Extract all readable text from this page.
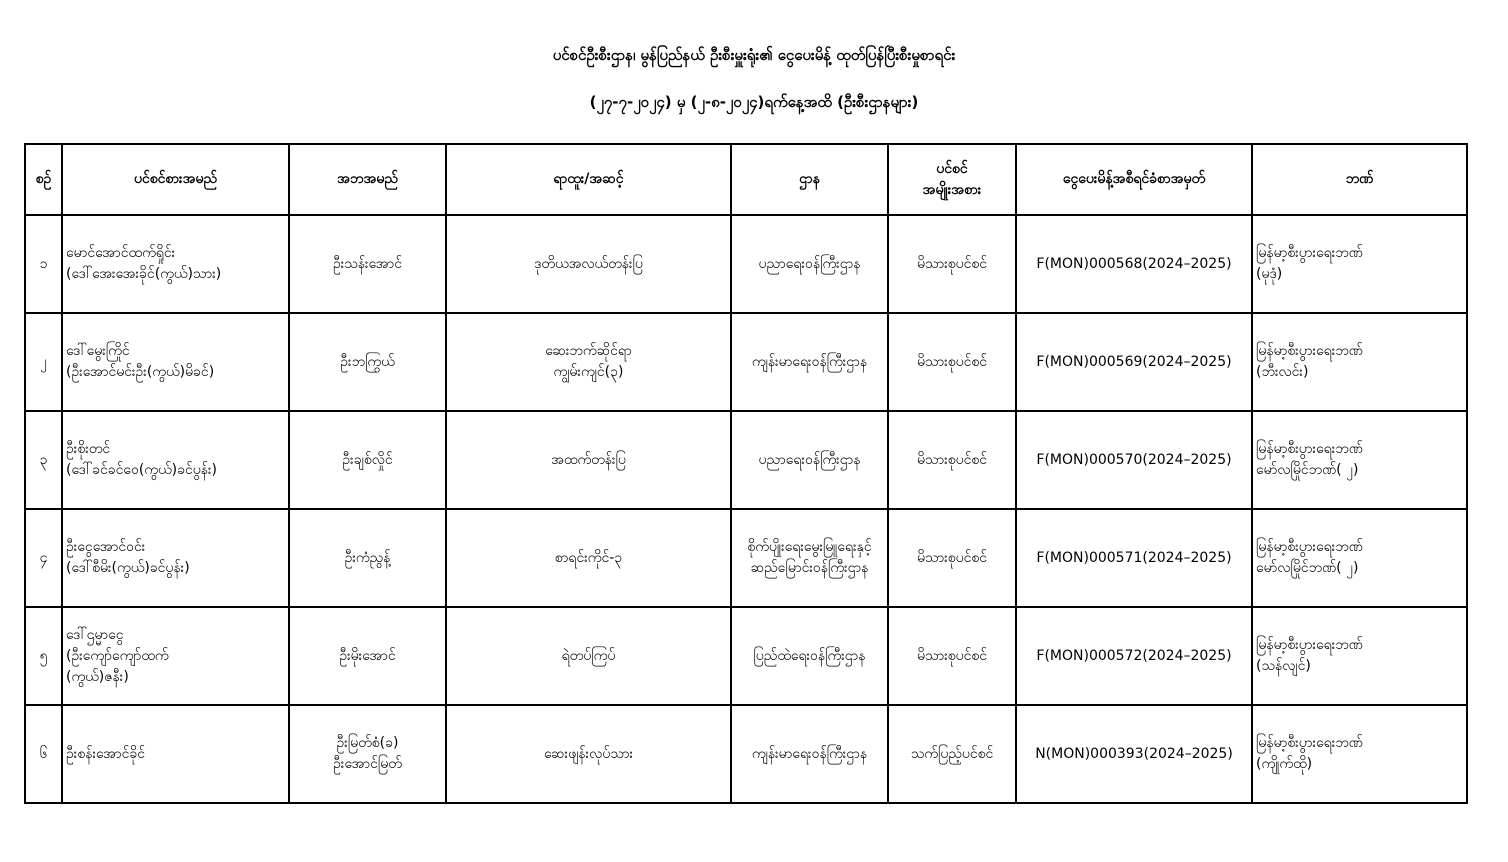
ပင်စင်ဦးစီးဌာန၊ မွန်ပြည်နယ် ဦးစီးမှူးရုံး၏ ငွေပေးမိန့် ထုတ်ပြန်ပြီးစီးမှုစာရင်း
(၂၇-၇-၂၀၂၄) မှ (၂-၈-၂၀၂၄)ရက်နေ့အထိ (ဦးစီးဌာနများ)
စဉ်	ပင်စင်စားအမည်	အဘအမည်	ရာထူး/အဆင့်	ဌာန	ပင်စင်
အမျိုးအစား	ငွေပေးမိန့်အစီရင်ခံစာအမှတ်	ဘဏ်
၁	မောင်အောင်ထက်ရှိုင်း
(ဒေါ်အေးအေးခိုင်(ကွယ်)သား)	ဦးသန်းအောင်	ဒုတိယအလယ်တန်းပြ	ပညာရေးဝန်ကြီးဌာန	မိသားစုပင်စင်	F(MON)000568(2024–2025)	မြန်မာ့စီးပွားရေးဘဏ်
(မုဒုံ)

၂	ဒေါ်မွေးကြိုင်
(ဦးအောင်မင်းဦး(ကွယ်)မိခင်)	ဦးဘကြွယ်	ဆေးဘက်ဆိုင်ရာ
ကျွမ်းကျင်(၃)	ကျန်းမာရေးဝန်ကြီးဌာန	မိသားစုပင်စင်	F(MON)000569(2024–2025)	မြန်မာ့စီးပွားရေးဘဏ်
(ဘီးလင်း)

၃	ဦးစိုးတင်
(ဒေါ်ခင်ခင်ဝေ(ကွယ်)ခင်ပွန်း)	ဦးချစ်လှိုင်	အထက်တန်းပြ	ပညာရေးဝန်ကြီးဌာန	မိသားစုပင်စင်	F(MON)000570(2024–2025)	မြန်မာ့စီးပွားရေးဘဏ်
မော်လမြိုင်ဘဏ်( ၂)

၄	ဦးငွေအောင်ဝင်း
(ဒေါ်စီမိး(ကွယ်)ခင်ပွန်း)	ဦးကံညွန့်	စာရင်းကိုင်-၃	စိုက်ပျိုးရေးမွေးမြူရေးနှင့်
ဆည်မြောင်းဝန်ကြီးဌာန	မိသားစုပင်စင်	F(MON)000571(2024–2025)	မြန်မာ့စီးပွားရေးဘဏ်
မော်လမြိုင်ဘဏ်( ၂)

၅	ဒေါ်ဌမ္မာငွေ
(ဦးကျော်ကျော်ထက်
(ကွယ်)ဇနီး)	ဦးမိုးအောင်	ရဲတပ်ကြပ်	ပြည်ထဲရေးဝန်ကြီးဌာန	မိသားစုပင်စင်	F(MON)000572(2024–2025)	မြန်မာ့စီးပွားရေးဘဏ်
(သန်လျင်)

၆	ဦးစန်းအောင်ခိုင်	ဦးမြတ်စံ(ခ)
ဦးအောင်မြတ်	ဆေးဖျန်းလုပ်သား	ကျန်းမာရေးဝန်ကြီးဌာန	သက်ပြည့်ပင်စင်	N(MON)000393(2024–2025)	မြန်မာ့စီးပွားရေးဘဏ်
(ကျိုက်ထို)
